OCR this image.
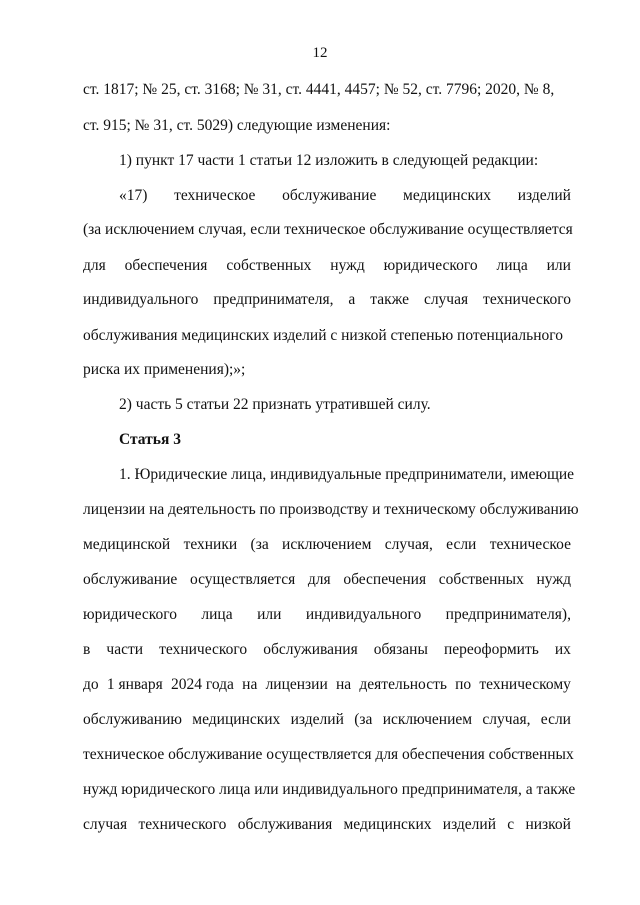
12
ст. 1817; № 25, ст. 3168; № 31, ст. 4441, 4457; № 52, ст. 7796; 2020, № 8,
ст. 915; № 31, ст. 5029) следующие изменения:
1) пункт 17 части 1 статьи 12 изложить в следующей редакции:
«17) техническое обслуживание медицинских изделий
(за исключением случая, если техническое обслуживание осуществляется
для обеспечения собственных нужд юридического лица или
индивидуального предпринимателя, а также случая технического
обслуживания медицинских изделий с низкой степенью потенциального
риска их применения);»;
2) часть 5 статьи 22 признать утратившей силу.
Статья 3
1. Юридические лица, индивидуальные предприниматели, имеющие
лицензии на деятельность по производству и техническому обслуживанию
медицинской техники (за исключением случая, если техническое
обслуживание осуществляется для обеспечения собственных нужд
юридического лица или индивидуального предпринимателя),
в части технического обслуживания обязаны переоформить их
до 1 января 2024 года на лицензии на деятельность по техническому
обслуживанию медицинских изделий (за исключением случая, если
техническое обслуживание осуществляется для обеспечения собственных
нужд юридического лица или индивидуального предпринимателя, а также
случая технического обслуживания медицинских изделий с низкой
